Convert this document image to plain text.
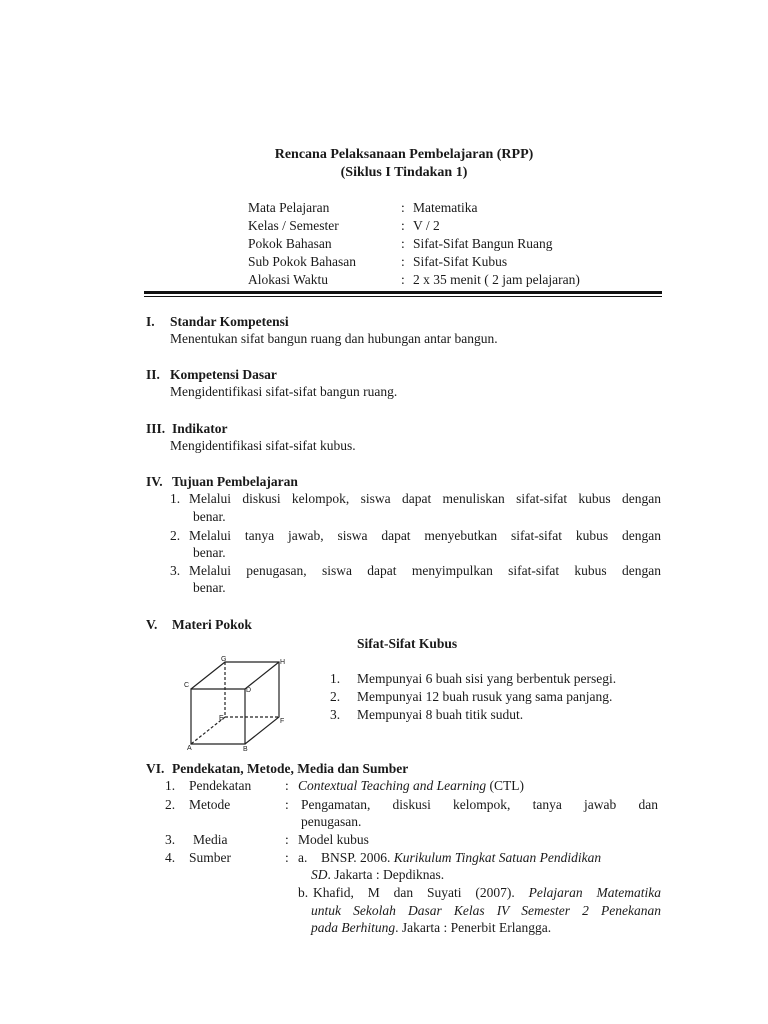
Rencana Pelaksanaan Pembelajaran (RPP)
(Siklus I Tindakan 1)
Mata Pelajaran	: Matematika
Kelas / Semester	: V / 2
Pokok Bahasan	: Sifat-Sifat Bangun Ruang
Sub Pokok Bahasan	: Sifat-Sifat Kubus
Alokasi Waktu	: 2 x 35 menit ( 2 jam pelajaran)
I. Standar Kompetensi
Menentukan sifat bangun ruang dan hubungan antar bangun.
II. Kompetensi Dasar
Mengidentifikasi sifat-sifat bangun ruang.
III. Indikator
Mengidentifikasi sifat-sifat kubus.
IV. Tujuan Pembelajaran
1. Melalui diskusi kelompok, siswa dapat menuliskan sifat-sifat kubus dengan
benar.
2. Melalui tanya jawab, siswa dapat menyebutkan sifat-sifat kubus dengan
benar.
3. Melalui penugasan, siswa dapat menyimpulkan sifat-sifat kubus dengan
benar.
V. Materi Pokok
Sifat-Sifat Kubus
G	H
C
D
E	F
A	B
1. Mempunyai 6 buah sisi yang berbentuk persegi.
2. Mempunyai 12 buah rusuk yang sama panjang.
3. Mempunyai 8 buah titik sudut.
VI. Pendekatan, Metode, Media dan Sumber
1. Pendekatan	: Contextual Teaching and Learning (CTL)
2. Metode	: Pengamatan, diskusi kelompok, tanya jawab dan
penugasan.
3. Media	: Model kubus
4. Sumber	: a. BNSP. 2006. Kurikulum Tingkat Satuan Pendidikan
SD. Jakarta : Depdiknas.
b. Khafid, M dan Suyati (2007). Pelajaran Matematika
untuk Sekolah Dasar Kelas IV Semester 2 Penekanan
pada Berhitung. Jakarta : Penerbit Erlangga.
